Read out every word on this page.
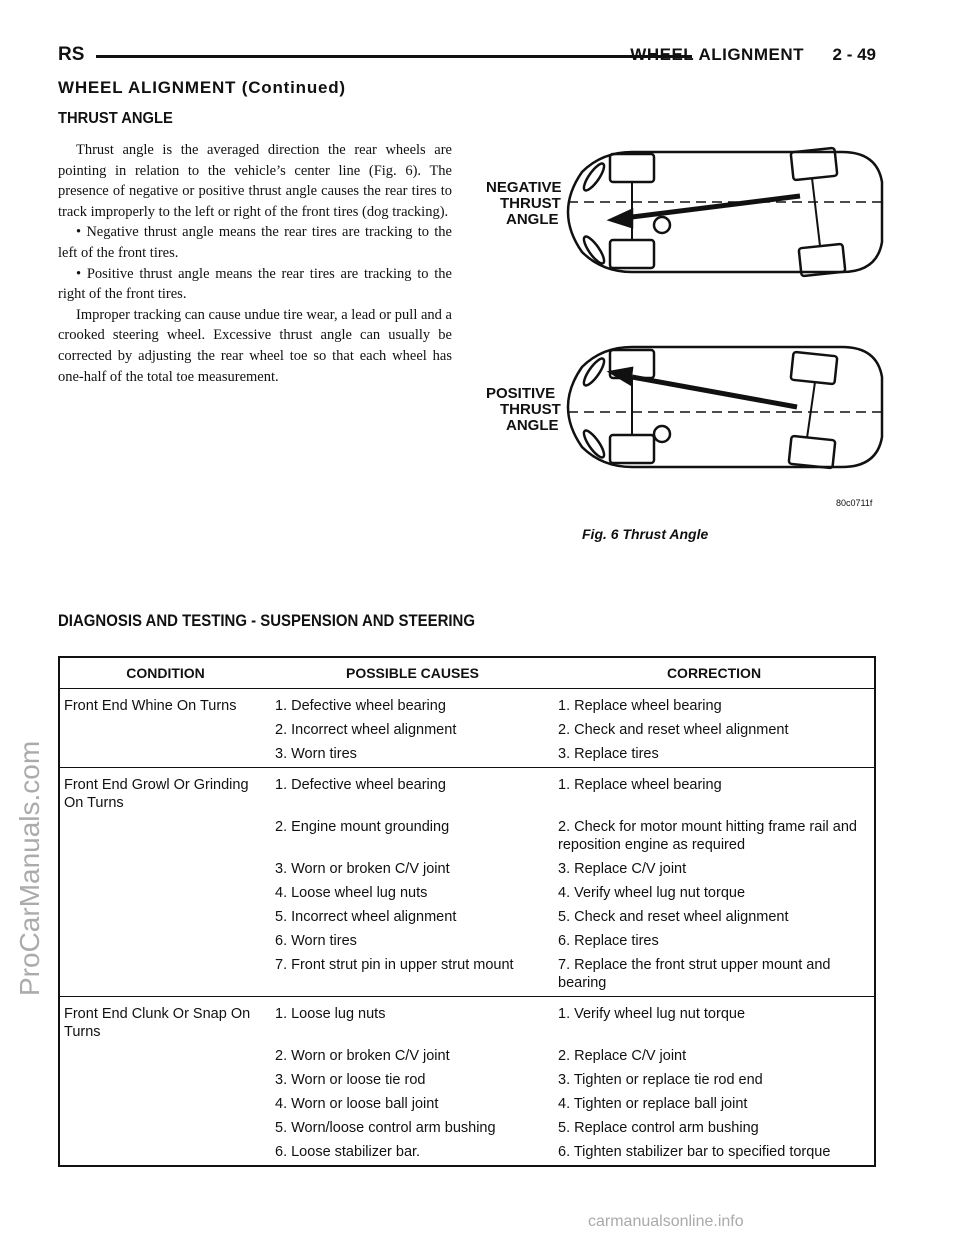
RS	WHEEL ALIGNMENT 2 - 49
WHEEL ALIGNMENT (Continued)
THRUST ANGLE

Thrust angle is the averaged direction the rear wheels are pointing in relation to the vehicle’s center line (Fig. 6). The presence of negative or positive thrust angle causes the rear tires to track improperly to the left or right of the front tires (dog tracking).

• Negative thrust angle means the rear tires are tracking to the left of the front tires.

• Positive thrust angle means the rear tires are tracking to the right of the front tires.

Improper tracking can cause undue tire wear, a lead or pull and a crooked steering wheel. Excessive thrust angle can usually be corrected by adjusting the rear wheel toe so that each wheel has one-half of the total toe measurement.

NEGATIVE
THRUST
ANGLE
POSITIVE
THRUST
ANGLE
80c0711f
Fig. 6 Thrust Angle
DIAGNOSIS AND TESTING - SUSPENSION AND STEERING
CONDITION	POSSIBLE CAUSES	CORRECTION
Front End Whine On Turns	1. Defective wheel bearing	1. Replace wheel bearing
	2. Incorrect wheel alignment	2. Check and reset wheel alignment
	3. Worn tires	3. Replace tires
Front End Growl Or Grinding On Turns	1. Defective wheel bearing	1. Replace wheel bearing
	2. Engine mount grounding	2. Check for motor mount hitting frame rail and reposition engine as required
	3. Worn or broken C/V joint	3. Replace C/V joint
	4. Loose wheel lug nuts	4. Verify wheel lug nut torque
	5. Incorrect wheel alignment	5. Check and reset wheel alignment
	6. Worn tires	6. Replace tires
	7. Front strut pin in upper strut mount	7. Replace the front strut upper mount and bearing
Front End Clunk Or Snap On Turns	1. Loose lug nuts	1. Verify wheel lug nut torque
	2. Worn or broken C/V joint	2. Replace C/V joint
	3. Worn or loose tie rod	3. Tighten or replace tie rod end
	4. Worn or loose ball joint	4. Tighten or replace ball joint
	5. Worn/loose control arm bushing	5. Replace control arm bushing
	6. Loose stabilizer bar.	6. Tighten stabilizer bar to specified torque
ProCarManuals.com
carmanualsonline.info
